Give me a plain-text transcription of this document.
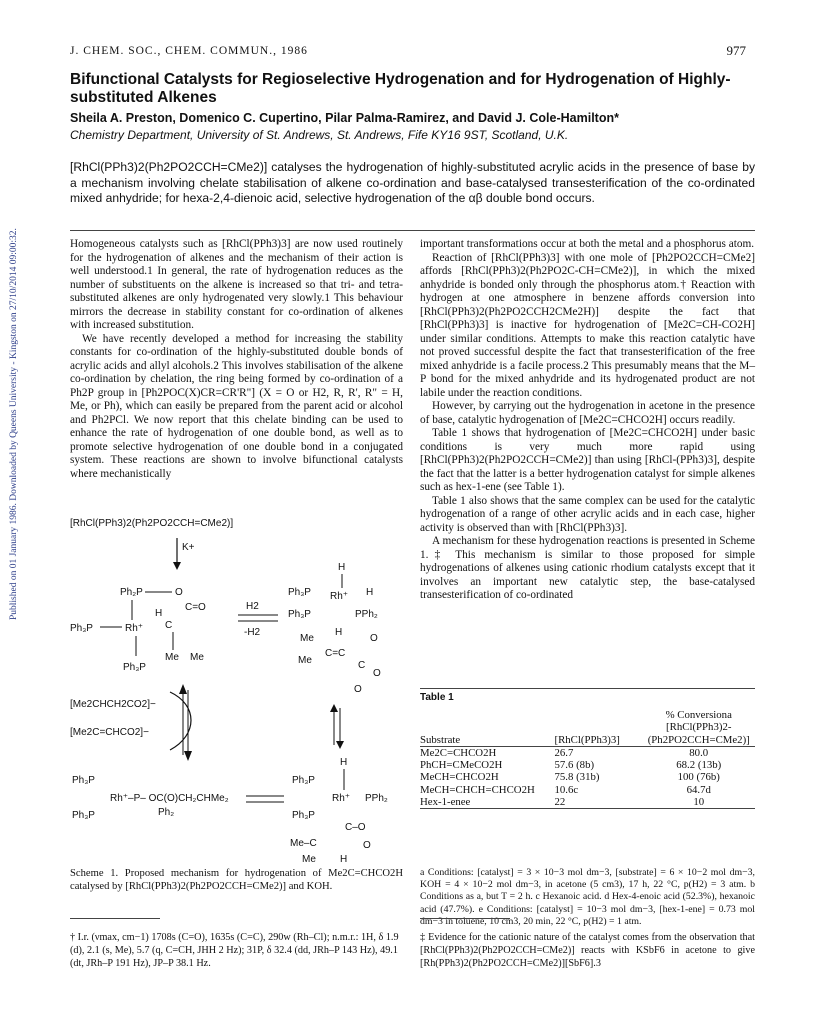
Published on 01 January 1986. Downloaded by Queens University - Kingston on 27/10/2014 09:00:32.
J. CHEM. SOC., CHEM. COMMUN., 1986	977
Bifunctional Catalysts for Regioselective Hydrogenation and for Hydrogenation of Highly-substituted Alkenes
Sheila A. Preston, Domenico C. Cupertino, Pilar Palma-Ramirez, and David J. Cole-Hamilton*
Chemistry Department, University of St. Andrews, St. Andrews, Fife KY16 9ST, Scotland, U.K.
[RhCl(PPh3)2(Ph2PO2CCH=CMe2)] catalyses the hydrogenation of highly-substituted acrylic acids in the presence of base by a mechanism involving chelate stabilisation of alkene co-ordination and base-catalysed transesterification of the co-ordinated mixed anhydride; for hexa-2,4-dienoic acid, selective hydrogenation of the αβ double bond occurs.

Homogeneous catalysts such as [RhCl(PPh3)3] are now used routinely for the hydrogenation of alkenes and the mechanism of their action is well understood.1 In general, the rate of hydrogenation reduces as the number of substituents on the alkene is increased so that tri- and tetra-substituted alkenes are only hydrogenated very slowly.1 This behaviour mirrors the decrease in stability constant for co-ordination of alkenes with increased substitution.

We have recently developed a method for increasing the stability constants for co-ordination of the highly-substituted double bonds of acrylic acids and allyl alcohols.2 This involves stabilisation of the alkene co-ordination by chelation, the ring being formed by co-ordination of a Ph2P group in [Ph2POC(X)CR=CR'R"] (X = O or H2, R, R', R" = H, Me, or Ph), which can easily be prepared from the parent acid or alcohol and Ph2PCl. We now report that this chelate binding can be used to enhance the rate of hydrogenation of one double bond, as well as to promote selective hydrogenation of one double bond in a conjugated system. These reactions are shown to involve bifunctional catalysts where mechanistically

[RhCl(PPh3)2(Ph2PO2CCH=CMe2)]
K+
Ph₂P	O
C=O
Ph₃P	Rh⁺
H
C
Ph₃P
Me Me
H2
-H2
H
Ph₃P Rh⁺ H
Ph₃P	PPh₂
Me
H
C=C
O
Me	C
O
O
[Me2CHCH2CO2]−
[Me2C=CHCO2]−
Ph₃P
Rh⁺–P– OC(O)CH₂CHMe₂
Ph₃P	Ph₂
H
Ph₃P
Rh⁺ PPh₂
Ph₃P
C–O
Me–C	O
Me H
Scheme 1. Proposed mechanism for hydrogenation of Me2C=CHCO2H catalysed by [RhCl(PPh3)2(Ph2PO2CCH=CMe2)] and KOH.

important transformations occur at both the metal and a phosphorus atom.

Reaction of [RhCl(PPh3)3] with one mole of [Ph2PO2CCH=CMe2] affords [RhCl(PPh3)2(Ph2PO2C-CH=CMe2)], in which the mixed anhydride is bonded only through the phosphorus atom.† Reaction with hydrogen at one atmosphere in benzene affords conversion into [RhCl(PPh3)2(Ph2PO2CCH2CMe2H)] despite the fact that [RhCl(PPh3)3] is inactive for hydrogenation of [Me2C=CH-CO2H] under similar conditions. Attempts to make this reaction catalytic have not proved successful despite the fact that transesterification of the free mixed anhydride is a facile process.2 This presumably means that the M–P bond for the mixed anhydride and its hydrogenated product are not labile under the reaction conditions.

However, by carrying out the hydrogenation in acetone in the presence of base, catalytic hydrogenation of [Me2C=CHCO2H] occurs readily.

Table 1 shows that hydrogenation of [Me2C=CHCO2H] under basic conditions is very much more rapid using [RhCl(PPh3)2(Ph2PO2CCH=CMe2)] than using [RhCl-(PPh3)3], despite the fact that the latter is a better hydrogenation catalyst for simple alkenes such as hex-1-ene (see Table 1).

Table 1 also shows that the same complex can be used for the catalytic hydrogenation of a range of other acrylic acids and in each case, higher activity is observed than with [RhCl(PPh3)3].

A mechanism for these hydrogenation reactions is presented in Scheme 1.‡ This mechanism is similar to those proposed for simple hydrogenations of alkenes using cationic rhodium catalysts except that it involves an important new catalytic step, the base-catalysed transesterification of co-ordinated

Table 1
		% Conversiona
		[RhCl(PPh3)2-
Substrate	[RhCl(PPh3)3]	(Ph2PO2CCH=CMe2)]
Me2C=CHCO2H	26.7	80.0
PhCH=CMeCO2H	57.6 (8b)	68.2 (13b)
MeCH=CHCO2H	75.8 (31b)	100 (76b)
MeCH=CHCH=CHCO2H	10.6c	64.7d
Hex-1-enee	22	10
a Conditions: [catalyst] = 3 × 10−3 mol dm−3, [substrate] = 6 × 10−2 mol dm−3, KOH = 4 × 10−2 mol dm−3, in acetone (5 cm3), 17 h, 22 °C, p(H2) = 3 atm. b Conditions as a, but T = 2 h. c Hexanoic acid. d Hex-4-enoic acid (52.3%), hexanoic acid (47.7%). e Conditions: [catalyst] = 10−3 mol dm−3, [hex-1-ene] = 0.73 mol dm−3 in toluene, 10 cm3, 20 min, 22 °C, p(H2) = 1 atm.
† I.r. (νmax, cm−1) 1708s (C=O), 1635s (C=C), 290w (Rh–Cl); n.m.r.: 1H, δ 1.9 (d), 2.1 (s, Me), 5.7 (q, C=CH, JHH 2 Hz); 31P, δ 32.4 (dd, JRh–P 143 Hz), 49.1 (dt, JRh–P 191 Hz), JP–P 38.1 Hz.
‡ Evidence for the cationic nature of the catalyst comes from the observation that [RhCl(PPh3)2(Ph2PO2CCH=CMe2)] reacts with KSbF6 in acetone to give [Rh(PPh3)2(Ph2PO2CCH=CMe2)][SbF6].3
